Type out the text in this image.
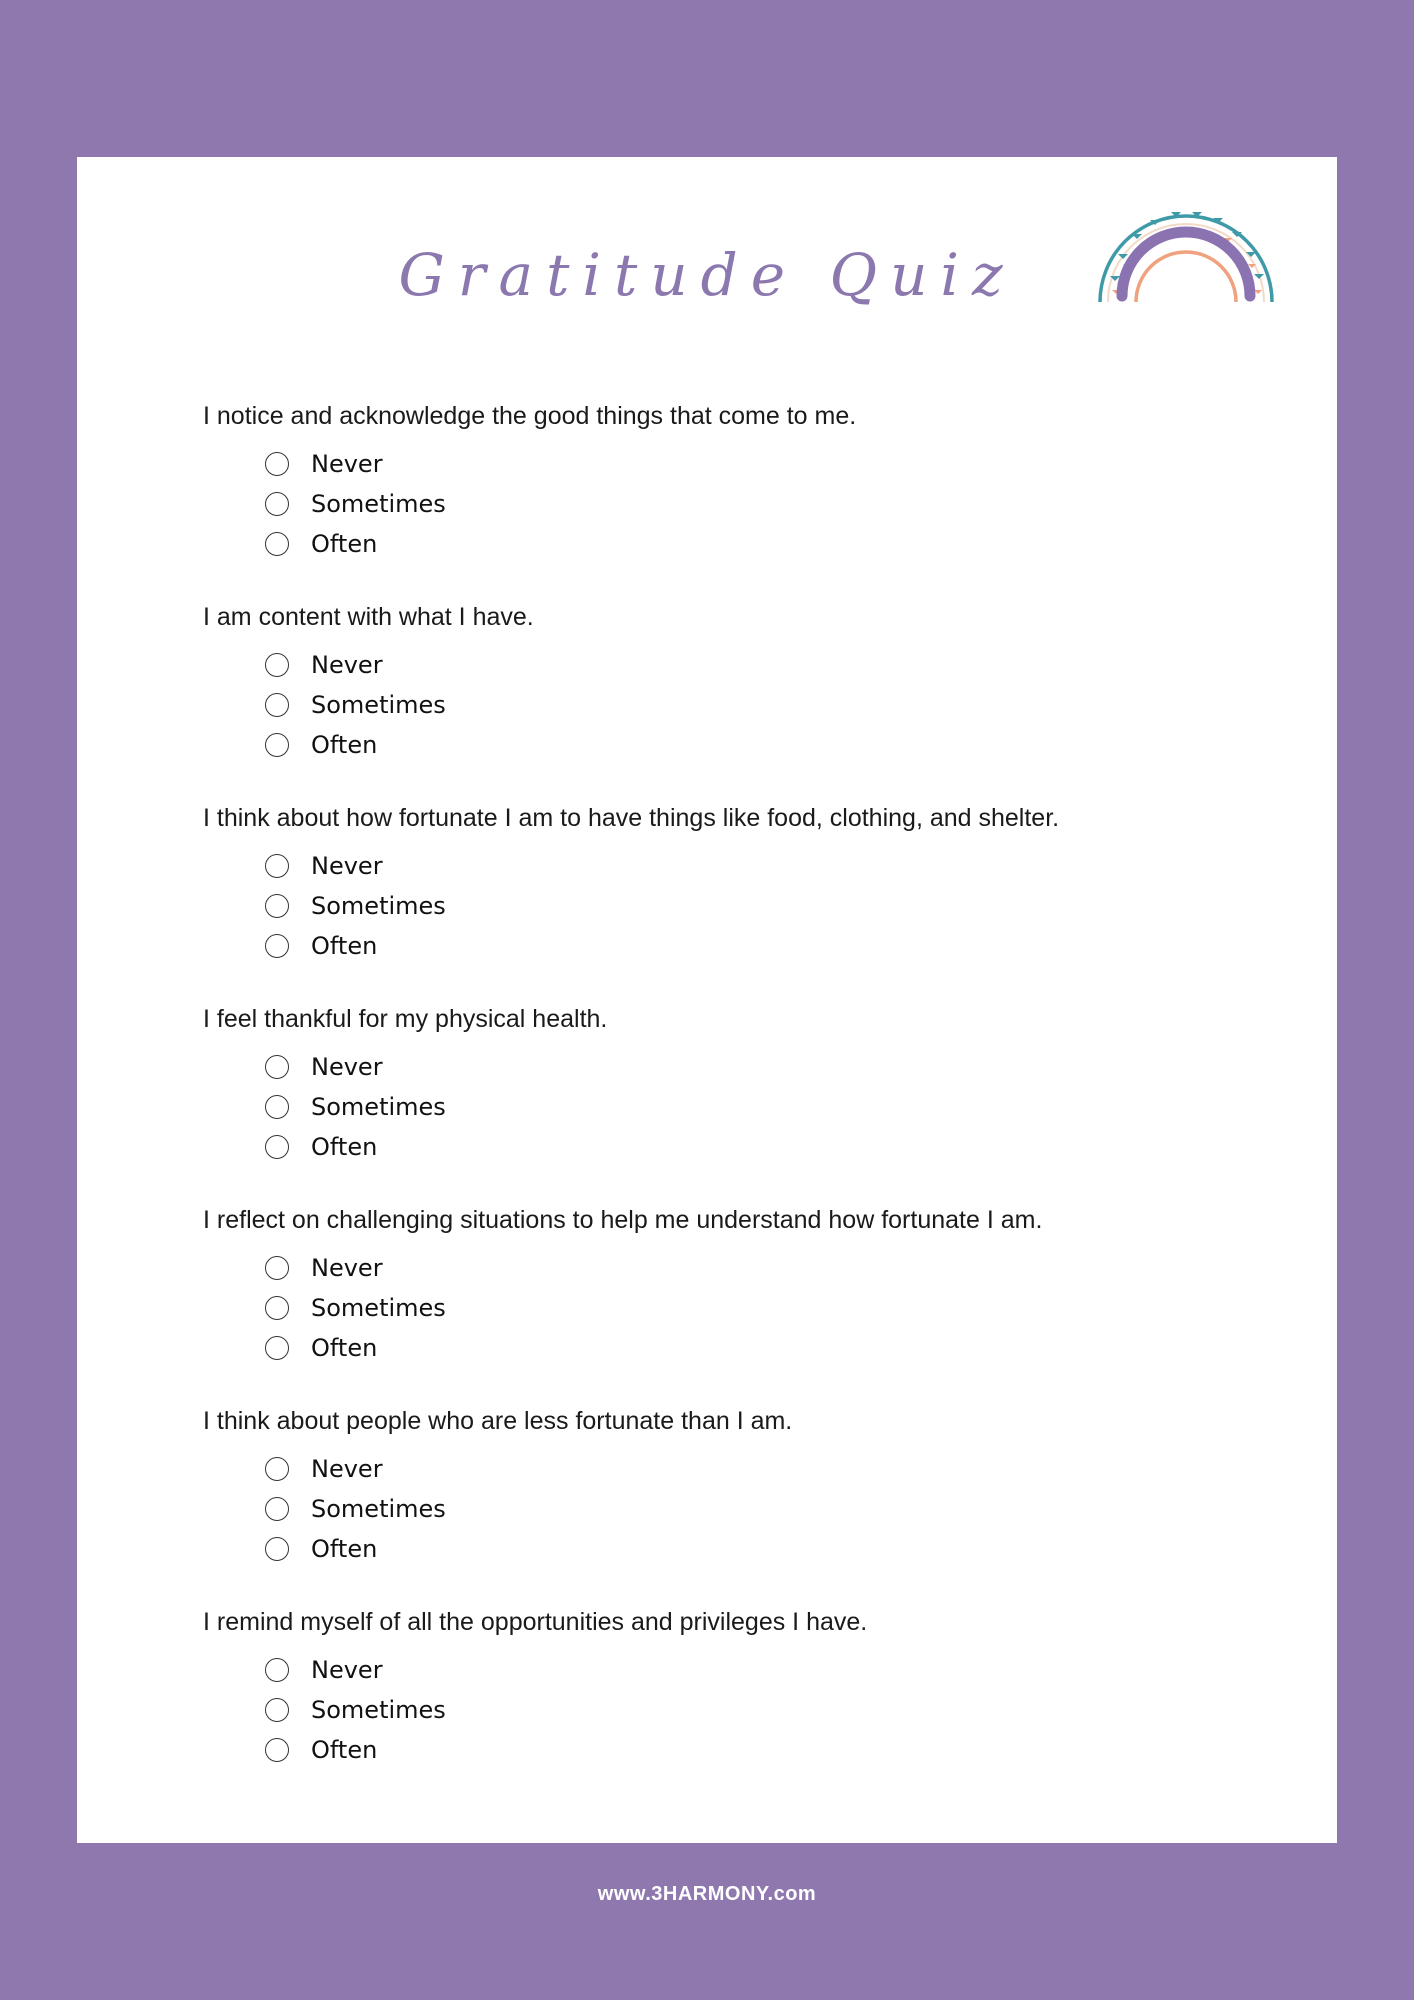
Gratitude Quiz

I notice and acknowledge the good things that come to me.

Never
Sometimes
Often

I am content with what I have.

Never
Sometimes
Often

I think about how fortunate I am to have things like food, clothing, and shelter.

Never
Sometimes
Often

I feel thankful for my physical health.

Never
Sometimes
Often

I reflect on challenging situations to help me understand how fortunate I am.

Never
Sometimes
Often

I think about people who are less fortunate than I am.

Never
Sometimes
Often

I remind myself of all the opportunities and privileges I have.

Never
Sometimes
Often
www.3HARMONY.com
